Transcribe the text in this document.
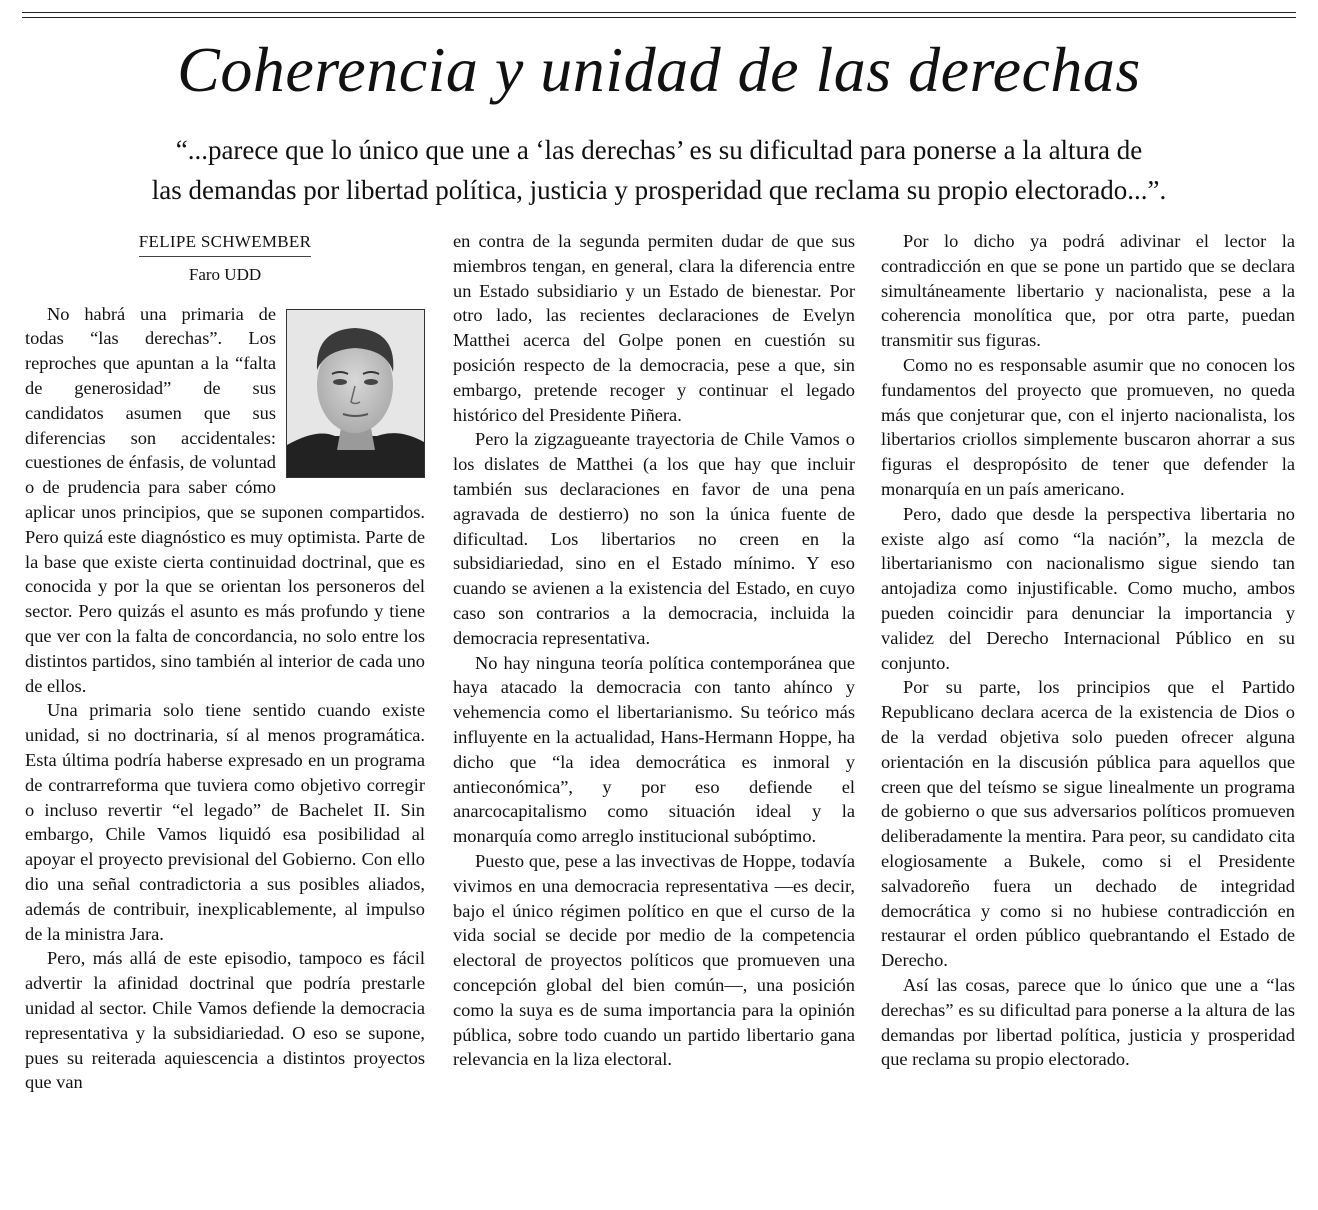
Coherencia y unidad de las derechas
“...parece que lo único que une a ‘las derechas’ es su dificultad para ponerse a la altura de
las demandas por libertad política, justicia y prosperidad que reclama su propio electorado...”.
FELIPE SCHWEMBER
Faro UDD

No habrá una primaria de todas “las derechas”. Los reproches que apuntan a la “falta de generosidad” de sus candidatos asumen que sus diferencias son accidentales: cuestiones de énfasis, de voluntad o de prudencia para saber cómo aplicar unos principios, que se suponen compartidos. Pero quizá este diagnóstico es muy optimista. Parte de la base que existe cierta continuidad doctrinal, que es conocida y por la que se orientan los personeros del sector. Pero quizás el asunto es más profundo y tiene que ver con la falta de concordancia, no solo entre los distintos partidos, sino también al interior de cada uno de ellos.

Una primaria solo tiene sentido cuando existe unidad, si no doctrinaria, sí al menos programática. Esta última podría haberse expresado en un programa de contrarreforma que tuviera como objetivo corregir o incluso revertir “el legado” de Bachelet II. Sin embargo, Chile Vamos liquidó esa posibilidad al apoyar el proyecto previsional del Gobierno. Con ello dio una señal contradictoria a sus posibles aliados, además de contribuir, inexplicablemente, al impulso de la ministra Jara.

Pero, más allá de este episodio, tampoco es fácil advertir la afinidad doctrinal que podría prestarle unidad al sector. Chile Vamos defiende la democracia representativa y la subsidiariedad. O eso se supone, pues su reiterada aquiescencia a distintos proyectos que van

en contra de la segunda permiten dudar de que sus miembros tengan, en general, clara la diferencia entre un Estado subsidiario y un Estado de bienestar. Por otro lado, las recientes declaraciones de Evelyn Matthei acerca del Golpe ponen en cuestión su posición respecto de la democracia, pese a que, sin embargo, pretende recoger y continuar el legado histórico del Presidente Piñera.

Pero la zigzagueante trayectoria de Chile Vamos o los dislates de Matthei (a los que hay que incluir también sus declaraciones en favor de una pena agravada de destierro) no son la única fuente de dificultad. Los libertarios no creen en la subsidiariedad, sino en el Estado mínimo. Y eso cuando se avienen a la existencia del Estado, en cuyo caso son contrarios a la democracia, incluida la democracia representativa.

No hay ninguna teoría política contemporánea que haya atacado la democracia con tanto ahínco y vehemencia como el libertarianismo. Su teórico más influyente en la actualidad, Hans-Hermann Hoppe, ha dicho que “la idea democrática es inmoral y antieconómica”, y por eso defiende el anarcocapitalismo como situación ideal y la monarquía como arreglo institucional subóptimo.

Puesto que, pese a las invectivas de Hoppe, todavía vivimos en una democracia representativa —es decir, bajo el único régimen político en que el curso de la vida social se decide por medio de la competencia electoral de proyectos políticos que promueven una concepción global del bien común—, una posición como la suya es de suma importancia para la opinión pública, sobre todo cuando un partido libertario gana relevancia en la liza electoral.

Por lo dicho ya podrá adivinar el lector la contradicción en que se pone un partido que se declara simultáneamente libertario y nacionalista, pese a la coherencia monolítica que, por otra parte, puedan transmitir sus figuras.

Como no es responsable asumir que no conocen los fundamentos del proyecto que promueven, no queda más que conjeturar que, con el injerto nacionalista, los libertarios criollos simplemente buscaron ahorrar a sus figuras el despropósito de tener que defender la monarquía en un país americano.

Pero, dado que desde la perspectiva libertaria no existe algo así como “la nación”, la mezcla de libertarianismo con nacionalismo sigue siendo tan antojadiza como injustificable. Como mucho, ambos pueden coincidir para denunciar la importancia y validez del Derecho Internacional Público en su conjunto.

Por su parte, los principios que el Partido Republicano declara acerca de la existencia de Dios o de la verdad objetiva solo pueden ofrecer alguna orientación en la discusión pública para aquellos que creen que del teísmo se sigue linealmente un programa de gobierno o que sus adversarios políticos promueven deliberadamente la mentira. Para peor, su candidato cita elogiosamente a Bukele, como si el Presidente salvadoreño fuera un dechado de integridad democrática y como si no hubiese contradicción en restaurar el orden público quebrantando el Estado de Derecho.

Así las cosas, parece que lo único que une a “las derechas” es su dificultad para ponerse a la altura de las demandas por libertad política, justicia y prosperidad que reclama su propio electorado.
